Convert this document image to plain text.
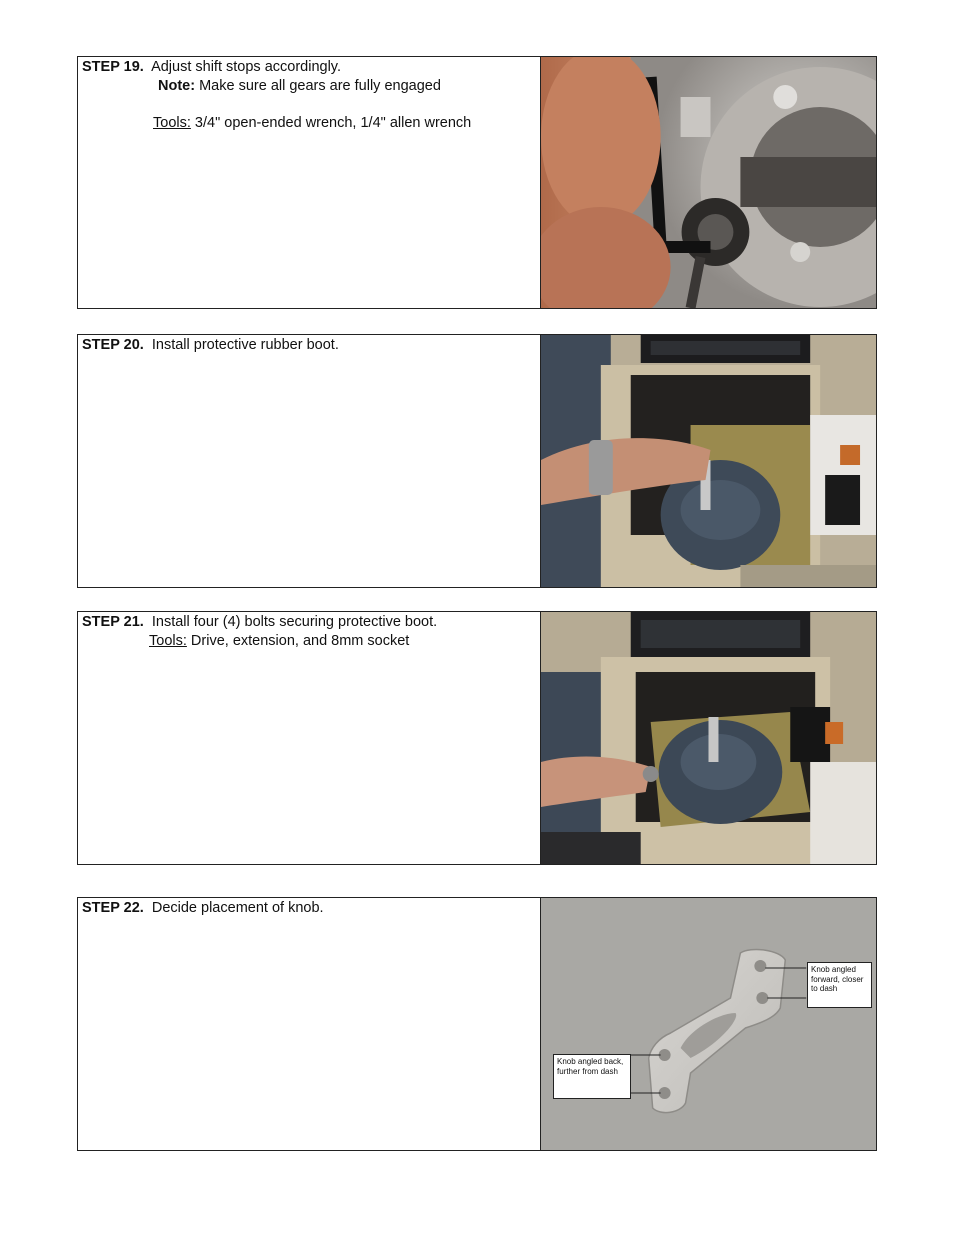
STEP 19. Adjust shift stops accordingly.
Note: Make sure all gears are fully engaged
Tools: 3/4" open-ended wrench, 1/4" allen wrench
STEP 20. Install protective rubber boot.
STEP 21. Install four (4) bolts securing protective boot.
Tools: Drive, extension, and 8mm socket
STEP 22. Decide placement of knob.
Knob angled forward, closer to dash
Knob angled back, further from dash
